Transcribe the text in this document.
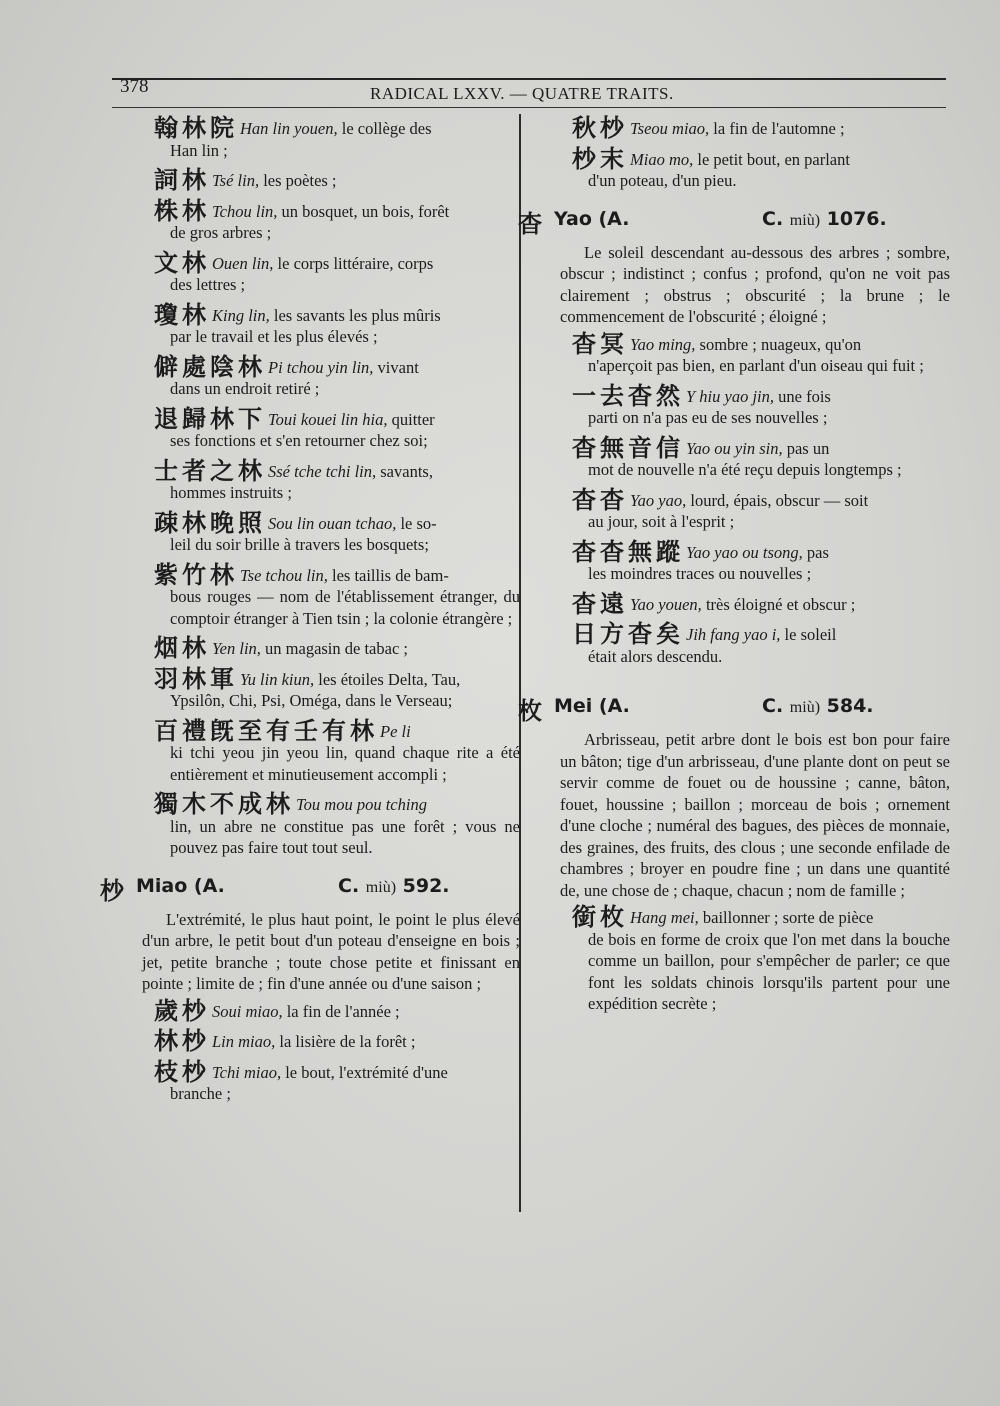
378	RADICAL LXXV. — QUATRE TRAITS.
翰林院 Han lin youen, le collège des
Han lin ;
詞林 Tsé lin, les poètes ;
株林 Tchou lin, un bosquet, un bois, forêt
de gros arbres ;
文林 Ouen lin, le corps littéraire, corps
des lettres ;
瓊林 King lin, les savants les plus mûris
par le travail et les plus élevés ;
僻處陰林 Pi tchou yin lin, vivant
dans un endroit retiré ;
退歸林下 Toui kouei lin hia, quitter
ses fonctions et s'en retourner chez soi;
士者之林 Ssé tche tchi lin, savants,
hommes instruits ;
疎林晚照 Sou lin ouan tchao, le so-
leil du soir brille à travers les bosquets;
紫竹林 Tse tchou lin, les taillis de bam-
bous rouges — nom de l'établissement étranger, du comptoir étranger à Tien tsin ; la colonie étrangère ;
烟林 Yen lin, un magasin de tabac ;
羽林軍 Yu lin kiun, les étoiles Delta, Tau,
Ypsilôn, Chi, Psi, Oméga, dans le Verseau;
百禮旣至有壬有林 Pe li
ki tchi yeou jin yeou lin, quand chaque rite a été entièrement et minutieusement accompli ;
獨木不成林 Tou mou pou tching
lin, un abre ne constitue pas une forêt ; vous ne pouvez pas faire tout tout seul.
杪 Miao (A.	C. miù) 592.
L'extrémité, le plus haut point, le point le plus élevé d'un arbre, le petit bout d'un poteau d'enseigne en bois ; jet, petite branche ; toute chose petite et finissant en pointe ; limite de ; fin d'une année ou d'une saison ;
歲杪 Soui miao, la fin de l'année ;
林杪 Lin miao, la lisière de la forêt ;
枝杪 Tchi miao, le bout, l'extrémité d'une
branche ;
秋杪 Tseou miao, la fin de l'automne ;
杪末 Miao mo, le petit bout, en parlant
d'un poteau, d'un pieu.
杳 Yao (A.	C. miù) 1076.
Le soleil descendant au-dessous des arbres ; sombre, obscur ; indistinct ; confus ; profond, qu'on ne voit pas clairement ; obstrus ; obscurité ; la brune ; le commencement de l'obscurité ; éloigné ;
杳冥 Yao ming, sombre ; nuageux, qu'on
n'aperçoit pas bien, en parlant d'un oiseau qui fuit ;
一去杳然 Y hiu yao jin, une fois
parti on n'a pas eu de ses nouvelles ;
杳無音信 Yao ou yin sin, pas un
mot de nouvelle n'a été reçu depuis longtemps ;
杳杳 Yao yao, lourd, épais, obscur — soit
au jour, soit à l'esprit ;
杳杳無蹤 Yao yao ou tsong, pas
les moindres traces ou nouvelles ;
杳遠 Yao youen, très éloigné et obscur ;
日方杳矣 Jih fang yao i, le soleil
était alors descendu.
枚 Mei (A.	C. miù) 584.
Arbrisseau, petit arbre dont le bois est bon pour faire un bâton; tige d'un arbrisseau, d'une plante dont on peut se servir comme de fouet ou de houssine ; canne, bâton, fouet, houssine ; baillon ; morceau de bois ; ornement d'une cloche ; numéral des bagues, des pièces de monnaie, des graines, des fruits, des clous ; une seconde enfilade de chambres ; broyer en poudre fine ; un dans une quantité de, une chose de ; chaque, chacun ; nom de famille ;
銜枚 Hang mei, baillonner ; sorte de pièce
de bois en forme de croix que l'on met dans la bouche comme un baillon, pour s'empêcher de parler; ce que font les soldats chinois lorsqu'ils partent pour une expédition secrète ;
